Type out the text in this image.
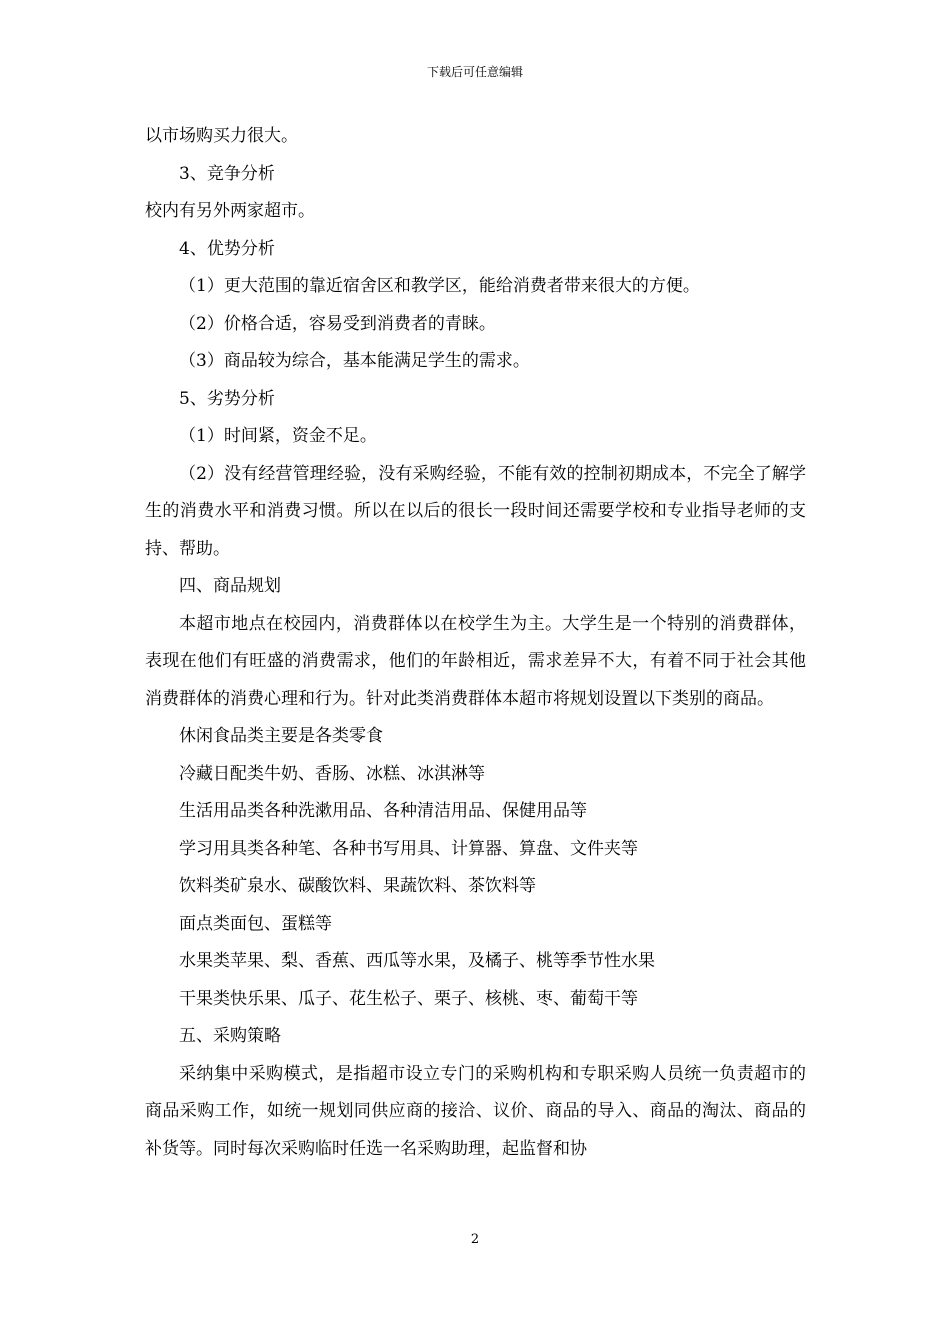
下载后可任意编辑

以市场购买力很大。

3、竞争分析

校内有另外两家超市。

4、优势分析

（1）更大范围的靠近宿舍区和教学区，能给消费者带来很大的方便。

（2）价格合适，容易受到消费者的青睐。

（3）商品较为综合，基本能满足学生的需求。

5、劣势分析

（1）时间紧，资金不足。

（2）没有经营管理经验，没有采购经验，不能有效的控制初期成本，不完全了解学生的消费水平和消费习惯。所以在以后的很长一段时间还需要学校和专业指导老师的支持、帮助。

四、商品规划

本超市地点在校园内，消费群体以在校学生为主。大学生是一个特别的消费群体，表现在他们有旺盛的消费需求，他们的年龄相近，需求差异不大，有着不同于社会其他消费群体的消费心理和行为。针对此类消费群体本超市将规划设置以下类别的商品。

休闲食品类主要是各类零食

冷藏日配类牛奶、香肠、冰糕、冰淇淋等

生活用品类各种洗漱用品、各种清洁用品、保健用品等

学习用具类各种笔、各种书写用具、计算器、算盘、文件夹等

饮料类矿泉水、碳酸饮料、果蔬饮料、茶饮料等

面点类面包、蛋糕等

水果类苹果、梨、香蕉、西瓜等水果，及橘子、桃等季节性水果

干果类快乐果、瓜子、花生松子、栗子、核桃、枣、葡萄干等

五、采购策略

采纳集中采购模式，是指超市设立专门的采购机构和专职采购人员统一负责超市的商品采购工作，如统一规划同供应商的接洽、议价、商品的导入、商品的淘汰、商品的补货等。同时每次采购临时任选一名采购助理，起监督和协

2
